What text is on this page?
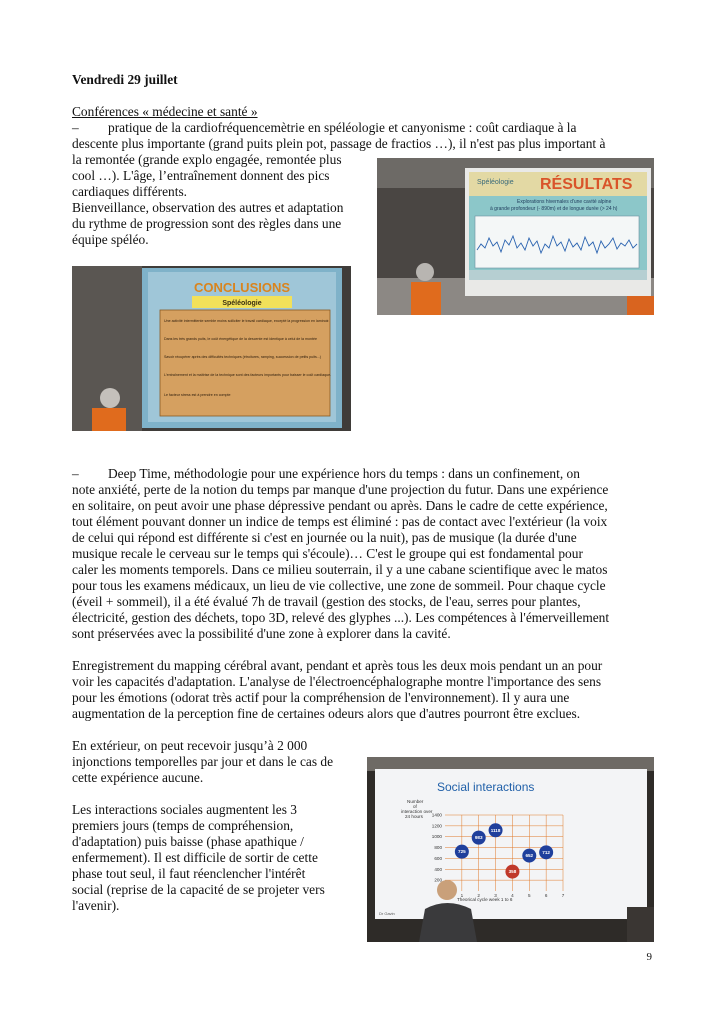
Vendredi 29 juillet
Conférences « médecine et santé »
– pratique de la cardiofréquencemètrie en spéléologie et canyonisme : coût cardiaque à la
descente plus importante (grand puits plein pot, passage de fractios …), il n'est pas plus important à
la remontée (grande explo engagée, remontée plus
cool …). L'âge, l’entraînement donnent des pics
cardiaques différents.
Bienveillance, observation des autres et adaptation
du rythme de progression sont des règles dans une
équipe spéléo.
Spéléologie RÉSULTATS
Explorations hivernales d'une cavité alpine
à grande profondeur (- 890m) et de longue durée (> 24 h)
CONCLUSIONS
Spéléologie
Une activité intermittente semble moins solliciter le travail cardiaque, excepté la progression en laminoir.
Dans les très grands puits, le coût énergétique de la descente est identique à celui de la montée
Savoir récupérer après des difficultés techniques (étroitures, ramping, succession de petits puits...)
L'entraînement et la maîtrise de la technique sont des facteurs importants pour baisser le coût cardiaque.
Le facteur stress est à prendre en compte
– Deep Time, méthodologie pour une expérience hors du temps : dans un confinement, on
note anxiété, perte de la notion du temps par manque d'une projection du futur. Dans une expérience
en solitaire, on peut avoir une phase dépressive pendant ou après. Dans le cadre de cette expérience,
tout élément pouvant donner un indice de temps est éliminé : pas de contact avec l'extérieur (la voix
de celui qui répond est différente si c'est en journée ou la nuit), pas de musique (la durée d'une
musique recale le cerveau sur le temps qui s'écoule)… C'est le groupe qui est fondamental pour
caler les moments temporels. Dans ce milieu souterrain, il y a une cabane scientifique avec le matos
pour tous les examens médicaux, un lieu de vie collective, une zone de sommeil. Pour chaque cycle
(éveil + sommeil), il a été évalué 7h de travail (gestion des stocks, de l'eau, serres pour plantes,
électricité, gestion des déchets, topo 3D, relevé des glyphes ...). Les compétences à l'émerveillement
sont préservées avec la possibilité d'une zone à explorer dans la cavité.
Enregistrement du mapping cérébral avant, pendant et après tous les deux mois pendant un an pour
voir les capacités d'adaptation. L'analyse de l'électroencéphalographe montre l'importance des sens
pour les émotions (odorat très actif pour la compréhension de l'environnement). Il y aura une
augmentation de la perception fine de certaines odeurs alors que d'autres pourront être exclues.
En extérieur, on peut recevoir jusqu’à 2 000
injonctions temporelles par jour et dans le cas de
cette expérience aucune.
Les interactions sociales augmentent les 3
premiers jours (temps de compréhension,
d'adaptation) puis baisse (phase apathique /
enfermement). Il est difficile de sortir de cette
phase tout seul, il faut réenclencher l'intérêt
social (reprise de la capacité de se projeter vers
l'avenir).
Social interactions
Number
of
interaction over
24 hours 1400
1200
1000
800
600
400
200
1	2	3	4	5	6	7
725
983
1118
358
652
712
Theorical cycle week 1 to 6
Dr Gavin
9
